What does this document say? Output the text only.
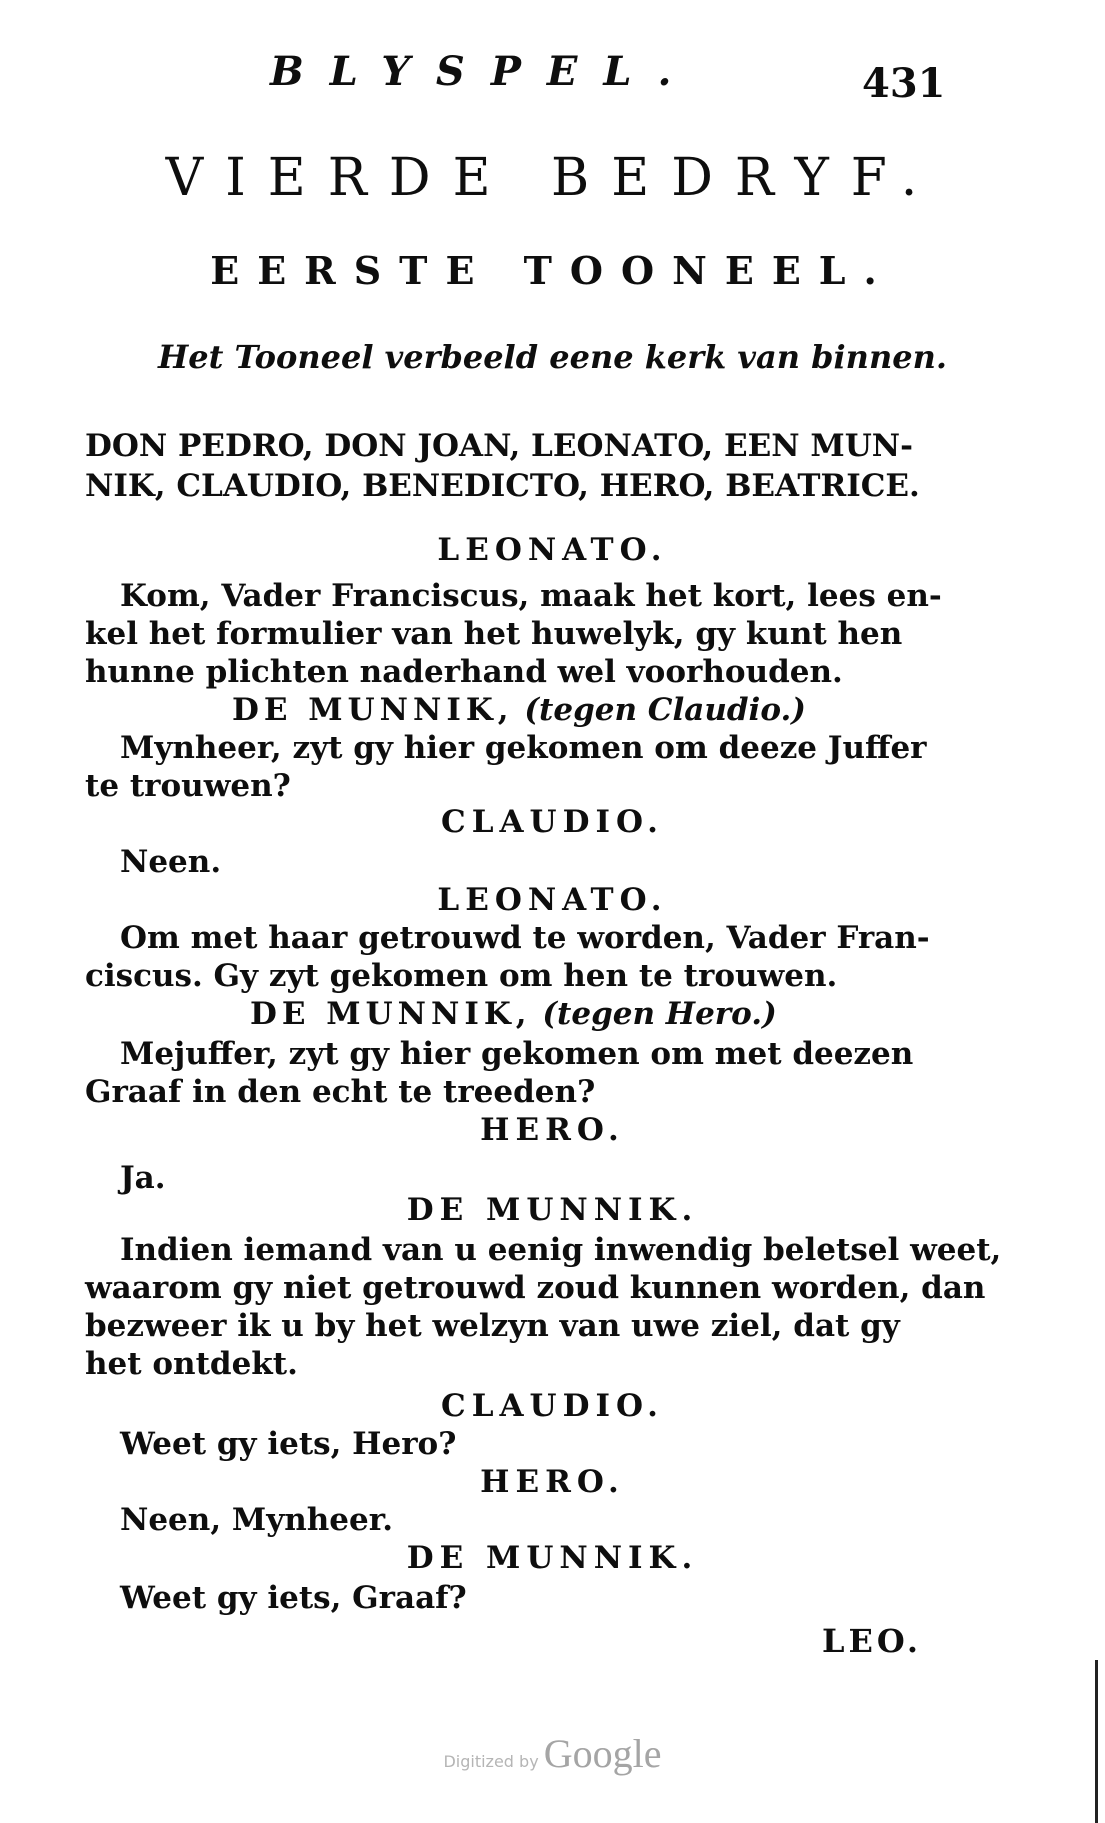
BLYSPEL.	431
VIERDE BEDRYF.
EERSTE TOONEEL.
Het Tooneel verbeeld eene kerk van binnen.
DON PEDRO, DON JOAN, LEONATO, EEN MUN-
NIK, CLAUDIO, BENEDICTO, HERO, BEATRICE.
LEONATO.
Kom, Vader Franciscus, maak het kort, lees en-
kel het formulier van het huwelyk, gy kunt hen
hunne plichten naderhand wel voorhouden.
DE MUNNIK, (tegen Claudio.)
Mynheer, zyt gy hier gekomen om deeze Juffer
te trouwen?
CLAUDIO.
Neen.
LEONATO.
Om met haar getrouwd te worden, Vader Fran-
ciscus. Gy zyt gekomen om hen te trouwen.
DE MUNNIK, (tegen Hero.)
Mejuffer, zyt gy hier gekomen om met deezen
Graaf in den echt te treeden?
HERO.
Ja.
DE MUNNIK.
Indien iemand van u eenig inwendig beletsel weet,
waarom gy niet getrouwd zoud kunnen worden, dan
bezweer ik u by het welzyn van uwe ziel, dat gy
het ontdekt.
CLAUDIO.
Weet gy iets, Hero?
HERO.
Neen, Mynheer.
DE MUNNIK.
Weet gy iets, Graaf?
LEO.
Digitized by Google
